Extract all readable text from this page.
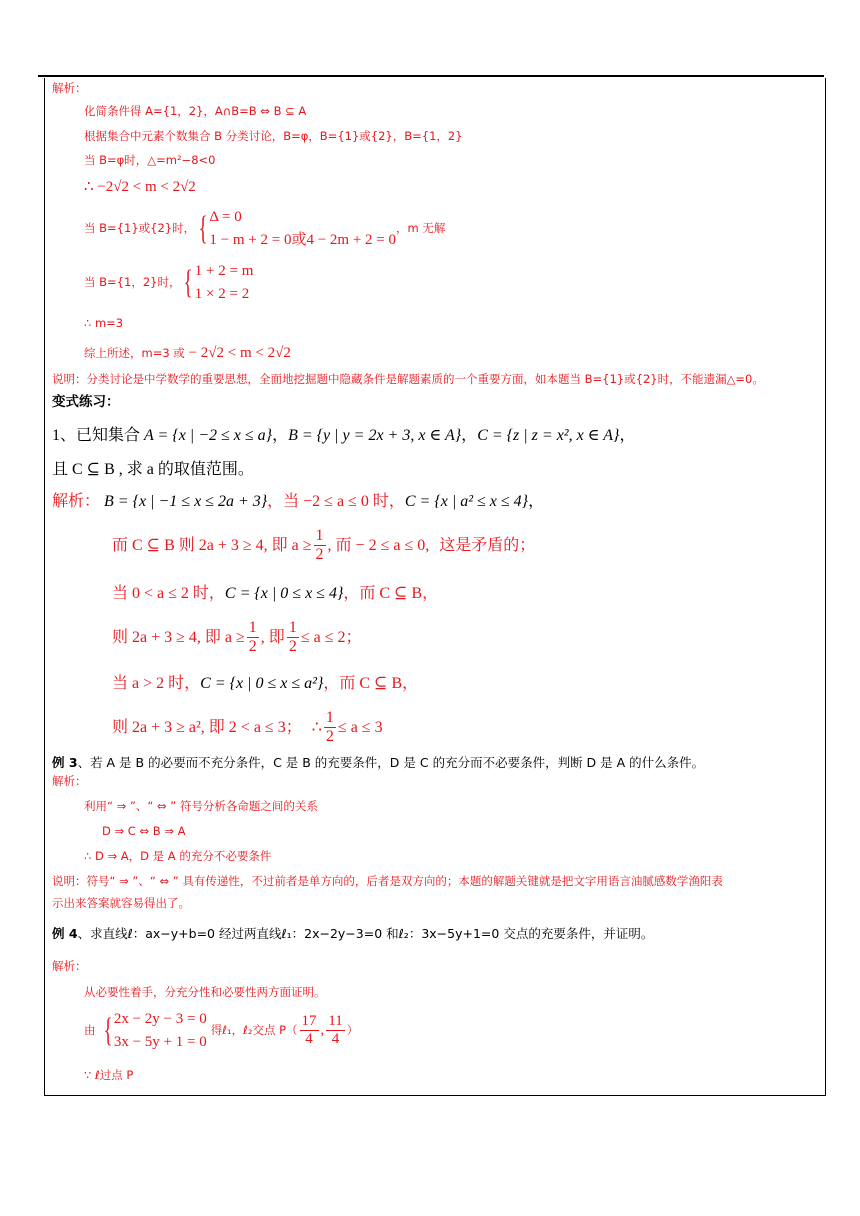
解析：
化简条件得 A={1，2}，A∩B=B ⇔ B ⊆ A
根据集合中元素个数集合 B 分类讨论，B=φ，B={1}或{2}，B={1，2}
当 B=φ时，△=m²−8<0
∴ −2√2 < m < 2√2
当 B={1}或{2}时， { Δ = 0
1 − m + 2 = 0或4 − 2m + 2 = 0
，m 无解
当 B={1，2}时， { 1 + 2 = m
1 × 2 = 2
∴ m=3
综上所述，m=3 或 − 2√2 < m < 2√2
说明：分类讨论是中学数学的重要思想，全面地挖掘题中隐藏条件是解题素质的一个重要方面，如本题当 B={1}或{2}时，不能遗漏△=0。
变式练习：
1、已知集合 A = {x | −2 ≤ x ≤ a}，B = {y | y = 2x + 3, x ∈ A}，C = {z | z = x², x ∈ A}，
且 C ⊆ B , 求 a 的取值范围。
解析： B = {x | −1 ≤ x ≤ 2a + 3}，当 −2 ≤ a ≤ 0 时，C = {x | a² ≤ x ≤ 4}，
而 C ⊆ B 则 2a + 3 ≥ 4, 即 $a \ge \frac{1}{2}$ , 而 − 2 ≤ a ≤ 0, 这是矛盾的；
当 0 < a ≤ 2 时，C = {x | 0 ≤ x ≤ 4}，而 C ⊆ B，
则 2a + 3 ≥ 4, 即 $a \ge \frac{1}{2}$ , 即 $\frac{1}{2} \le a \le 2$ ；
当 a > 2 时，C = {x | 0 ≤ x ≤ a²}，而 C ⊆ B，
则 2a + 3 ≥ a², 即 2 < a ≤ 3 ； ∴ $\frac{1}{2} \le a \le 3$
例 3、若 A 是 B 的必要而不充分条件，C 是 B 的充要条件，D 是 C 的充分而不必要条件，判断 D 是 A 的什么条件。
解析：
利用“ ⇒ ”、“ ⇔ ” 符号分析各命题之间的关系
D ⇒ C ⇔ B ⇒ A
∴ D ⇒ A，D 是 A 的充分不必要条件
说明：符号“ ⇒ ”、“ ⇔ ” 具有传递性，不过前者是单方向的，后者是双方向的；本题的解题关键就是把文字用语言油腻感数学渔阳表
示出来答案就容易得出了。
例 4、求直线ℓ：ax−y+b=0 经过两直线ℓ₁：2x−2y−3=0 和ℓ₂：3x−5y+1=0 交点的充要条件，并证明。
解析：
从必要性着手，分充分性和必要性两方面证明。
由 { 2x − 2y − 3 = 0
3x − 5y + 1 = 0
得ℓ₁，ℓ₂交点 $P( \frac{17}{4}$ , $\frac{11}{4}$ ）
∵ ℓ过点 P
